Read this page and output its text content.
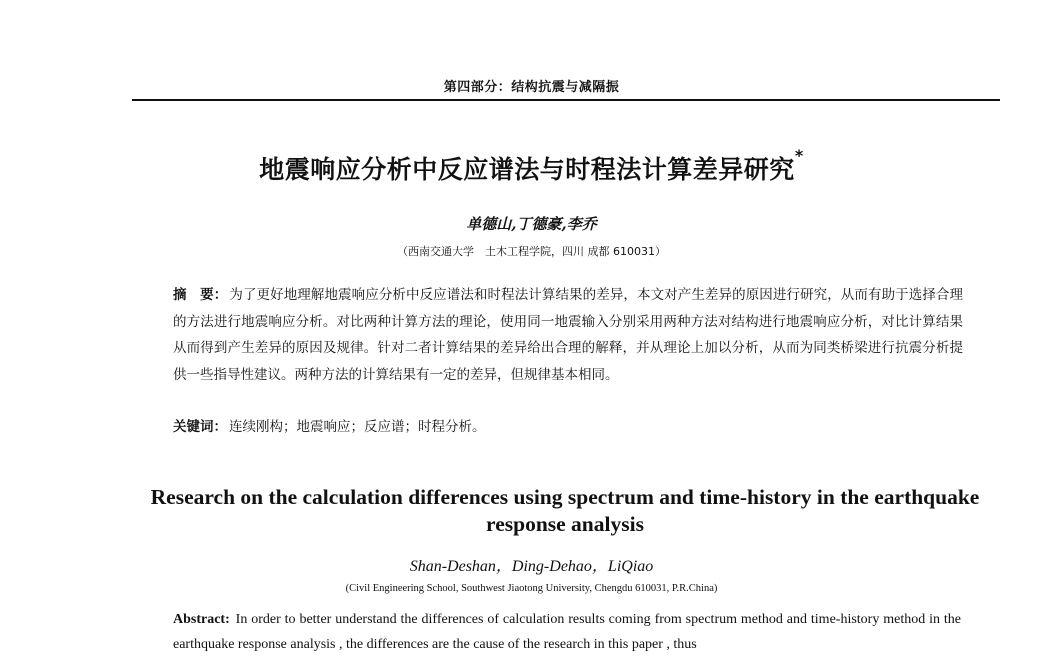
第四部分：结构抗震与减隔振
地震响应分析中反应谱法与时程法计算差异研究*
单德山,丁德豪,李乔
（西南交通大学　土木工程学院，四川 成都 610031）
摘　要： 为了更好地理解地震响应分析中反应谱法和时程法计算结果的差异，本文对产生差异的原因进行研究，从而有助于选择合理的方法进行地震响应分析。对比两种计算方法的理论，使用同一地震输入分别采用两种方法对结构进行地震响应分析，对比计算结果从而得到产生差异的原因及规律。针对二者计算结果的差异给出合理的解释，并从理论上加以分析，从而为同类桥梁进行抗震分析提供一些指导性建议。两种方法的计算结果有一定的差异，但规律基本相同。
关键词： 连续刚构；地震响应；反应谱；时程分析。
Research on the calculation differences using spectrum and time-history in the earthquake response analysis
Shan-Deshan，Ding-Dehao，LiQiao
(Civil Engineering School, Southwest Jiaotong University, Chengdu 610031, P.R.China)
Abstract: In order to better understand the differences of calculation results coming from spectrum method and time-history method in the earthquake response analysis , the differences are the cause of the research in this paper , thus
